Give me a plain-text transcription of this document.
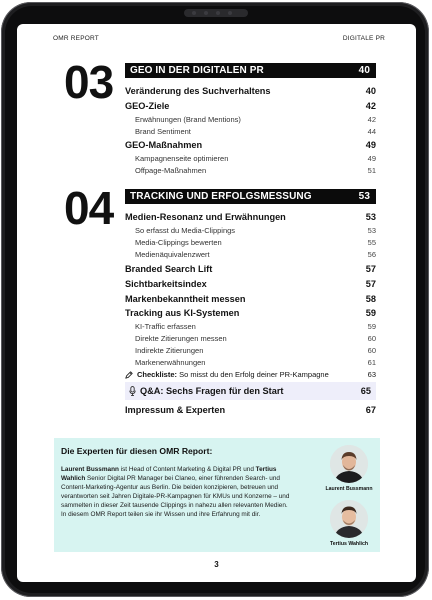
OMR REPORT	DIGITALE PR
03 GEO IN DER DIGITALEN PR	40
Veränderung des Suchverhaltens	40
GEO-Ziele	42
Erwähnungen (Brand Mentions)	42
Brand Sentiment	44
GEO-Maßnahmen	49
Kampagnenseite optimieren	49
Offpage-Maßnahmen	51
04 TRACKING UND ERFOLGSMESSUNG	53
Medien-Resonanz und Erwähnungen	53
So erfasst du Media-Clippings	53
Media-Clippings bewerten	55
Medienäquivalenzwert	56
Branded Search Lift	57
Sichtbarkeitsindex	57
Markenbekanntheit messen	58
Tracking aus KI-Systemen	59
KI-Traffic erfassen	59
Direkte Zitierungen messen	60
Indirekte Zitierungen	60
Markenerwähnungen	61
Checkliste: So misst du den Erfolg deiner PR-Kampagne	63
Q&A: Sechs Fragen für den Start	65
Impressum & Experten	67
Die Experten für diesen OMR Report:
Laurent Bussmann ist Head of Content Marketing & Digital PR und Tertius Wahlich Senior Digital PR Manager bei Claneo, einer führenden Search- und Content-Marketing-Agentur aus Berlin. Die beiden konzipieren, betreuen und verantworten seit Jahren Digitale-PR-Kampagnen für KMUs und Konzerne – und sammelten in dieser Zeit tausende Clippings in nahezu allen relevanten Medien. In diesem OMR Report teilen sie ihr Wissen und ihre Erfahrung mit dir.
Laurent Bussmann
Tertius Wahlich
3
